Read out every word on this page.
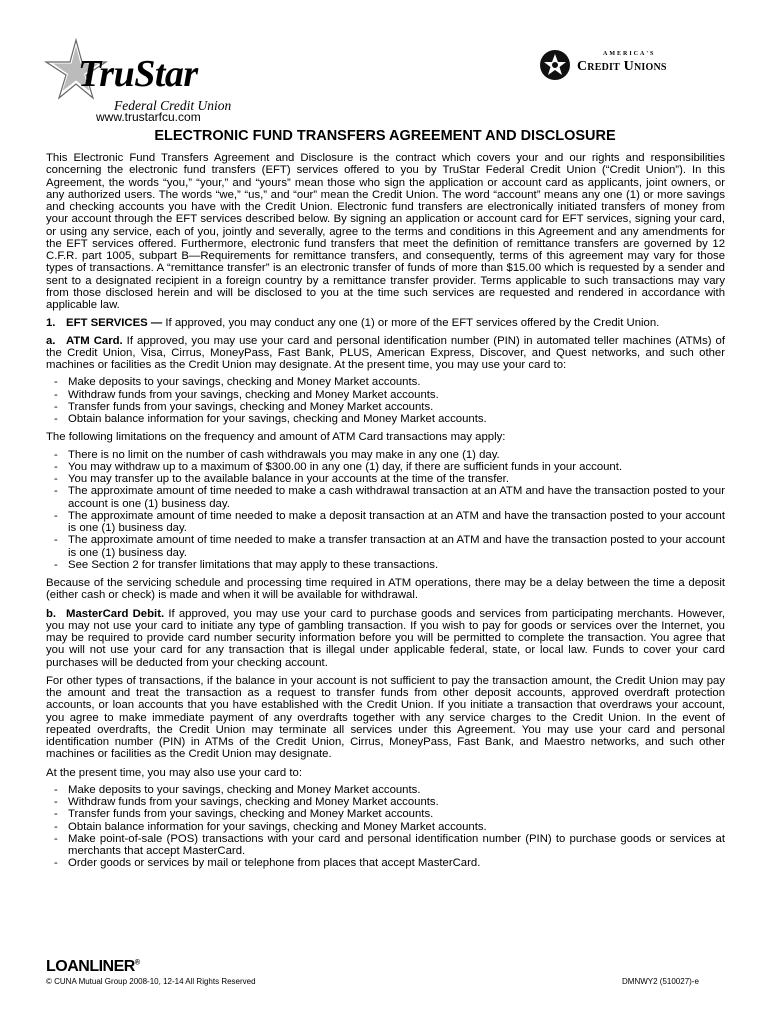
TruStar
Federal Credit Union
www.trustarfcu.com
AMERICA'S
Credit Unions
ELECTRONIC FUND TRANSFERS AGREEMENT AND DISCLOSURE

This Electronic Fund Transfers Agreement and Disclosure is the contract which covers your and our rights and responsibilities concerning the electronic fund transfers (EFT) services offered to you by TruStar Federal Credit Union (“Credit Union”). In this Agreement, the words “you,” “your,” and “yours” mean those who sign the application or account card as applicants, joint owners, or any authorized users. The words “we,” “us,” and “our” mean the Credit Union. The word “account” means any one (1) or more savings and checking accounts you have with the Credit Union. Electronic fund transfers are electronically initiated transfers of money from your account through the EFT services described below. By signing an application or account card for EFT services, signing your card, or using any service, each of you, jointly and severally, agree to the terms and conditions in this Agreement and any amendments for the EFT services offered. Furthermore, electronic fund transfers that meet the definition of remittance transfers are governed by 12 C.F.R. part 1005, subpart B—Requirements for remittance transfers, and consequently, terms of this agreement may vary for those types of transactions. A “remittance transfer” is an electronic transfer of funds of more than $15.00 which is requested by a sender and sent to a designated recipient in a foreign country by a remittance transfer provider. Terms applicable to such transactions may vary from those disclosed herein and will be disclosed to you at the time such services are requested and rendered in accordance with applicable law.

1. EFT SERVICES — If approved, you may conduct any one (1) or more of the EFT services offered by the Credit Union.

a. ATM Card. If approved, you may use your card and personal identification number (PIN) in automated teller machines (ATMs) of the Credit Union, Visa, Cirrus, MoneyPass, Fast Bank, PLUS, American Express, Discover, and Quest networks, and such other machines or facilities as the Credit Union may designate. At the present time, you may use your card to:

- Make deposits to your savings, checking and Money Market accounts.
- Withdraw funds from your savings, checking and Money Market accounts.
- Transfer funds from your savings, checking and Money Market accounts.
- Obtain balance information for your savings, checking and Money Market accounts.

The following limitations on the frequency and amount of ATM Card transactions may apply:

- There is no limit on the number of cash withdrawals you may make in any one (1) day.
- You may withdraw up to a maximum of $300.00 in any one (1) day, if there are sufficient funds in your account.
- You may transfer up to the available balance in your accounts at the time of the transfer.
- The approximate amount of time needed to make a cash withdrawal transaction at an ATM and have the transaction posted to your account is one (1) business day.
- The approximate amount of time needed to make a deposit transaction at an ATM and have the transaction posted to your account is one (1) business day.
- The approximate amount of time needed to make a transfer transaction at an ATM and have the transaction posted to your account is one (1) business day.
- See Section 2 for transfer limitations that may apply to these transactions.

Because of the servicing schedule and processing time required in ATM operations, there may be a delay between the time a deposit (either cash or check) is made and when it will be available for withdrawal.

b. MasterCard Debit. If approved, you may use your card to purchase goods and services from participating merchants. However, you may not use your card to initiate any type of gambling transaction. If you wish to pay for goods or services over the Internet, you may be required to provide card number security information before you will be permitted to complete the transaction. You agree that you will not use your card for any transaction that is illegal under applicable federal, state, or local law. Funds to cover your card purchases will be deducted from your checking account.

For other types of transactions, if the balance in your account is not sufficient to pay the transaction amount, the Credit Union may pay the amount and treat the transaction as a request to transfer funds from other deposit accounts, approved overdraft protection accounts, or loan accounts that you have established with the Credit Union. If you initiate a transaction that overdraws your account, you agree to make immediate payment of any overdrafts together with any service charges to the Credit Union. In the event of repeated overdrafts, the Credit Union may terminate all services under this Agreement. You may use your card and personal identification number (PIN) in ATMs of the Credit Union, Cirrus, MoneyPass, Fast Bank, and Maestro networks, and such other machines or facilities as the Credit Union may designate.

At the present time, you may also use your card to:

- Make deposits to your savings, checking and Money Market accounts.
- Withdraw funds from your savings, checking and Money Market accounts.
- Transfer funds from your savings, checking and Money Market accounts.
- Obtain balance information for your savings, checking and Money Market accounts.
- Make point-of-sale (POS) transactions with your card and personal identification number (PIN) to purchase goods or services at merchants that accept MasterCard.
- Order goods or services by mail or telephone from places that accept MasterCard.
LOANLINER®
© CUNA Mutual Group 2008-10, 12-14 All Rights Reserved	DMNWY2 (510027)-e
